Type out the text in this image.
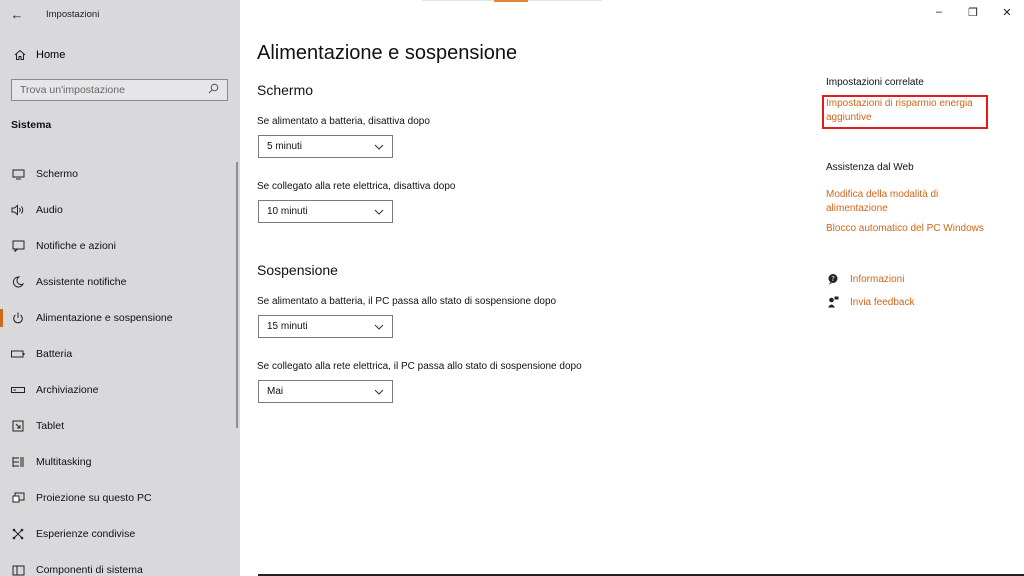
← Impostazioni
Home
Trova un'impostazione
Sistema
Schermo
Audio
Notifiche e azioni
Assistente notifiche
Alimentazione e sospensione
Batteria
Archiviazione
Tablet
Multitasking
Proiezione su questo PC
Esperienze condivise
Componenti di sistema
–	❐	✕
Alimentazione e sospensione
Schermo
Se alimentato a batteria, disattiva dopo
5 minuti
Se collegato alla rete elettrica, disattiva dopo
10 minuti
Sospensione
Se alimentato a batteria, il PC passa allo stato di sospensione dopo
15 minuti
Se collegato alla rete elettrica, il PC passa allo stato di sospensione dopo
Mai
Impostazioni correlate
Impostazioni di risparmio energia aggiuntive
Assistenza dal Web
Modifica della modalità di alimentazione
Blocco automatico del PC Windows
? Informazioni
Invia feedback
